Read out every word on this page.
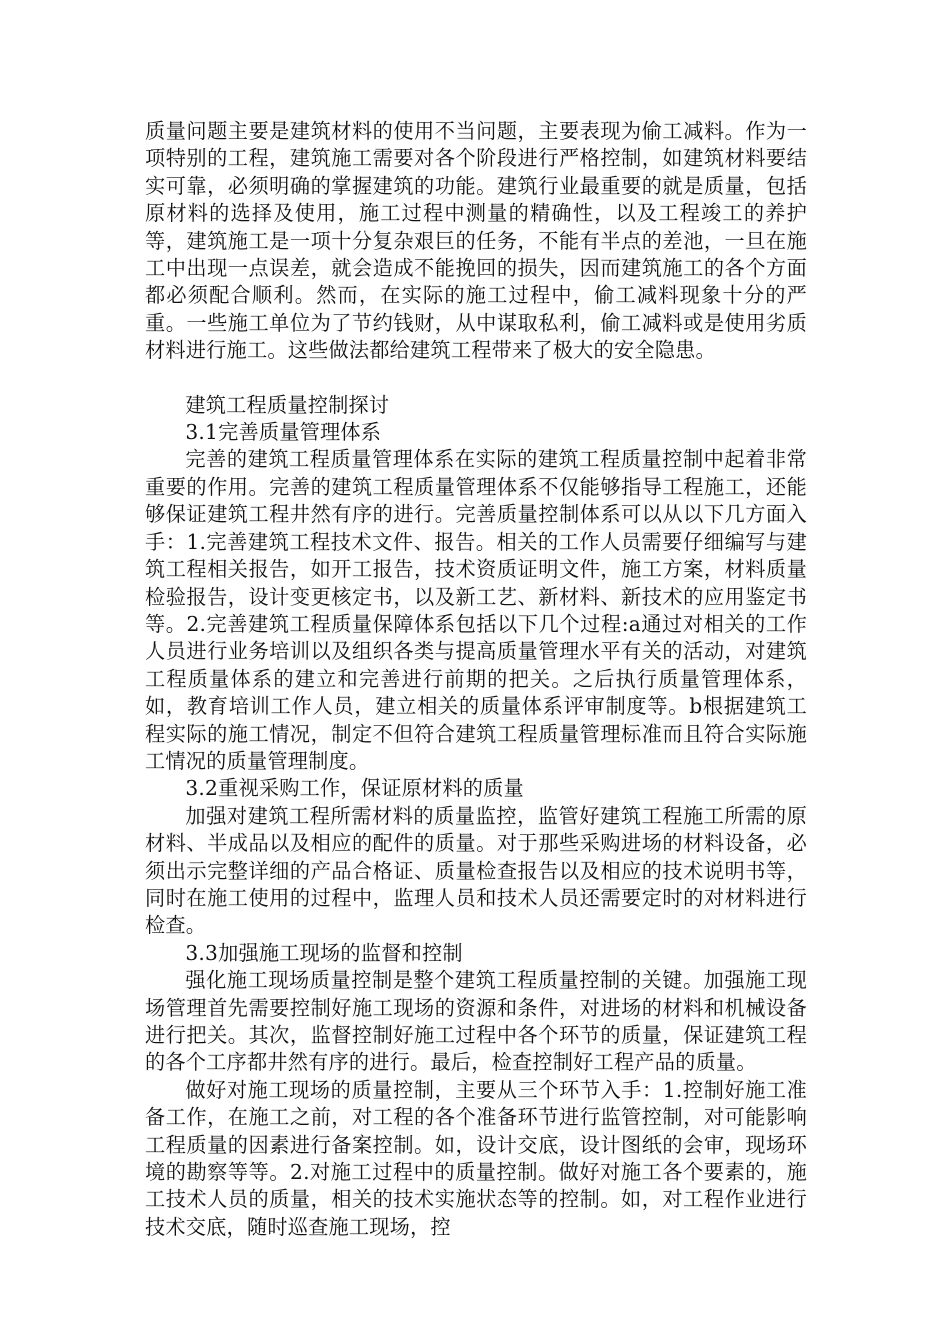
质量问题主要是建筑材料的使用不当问题，主要表现为偷工减料。作为一项特别的工程，建筑施工需要对各个阶段进行严格控制，如建筑材料要结实可靠，必须明确的掌握建筑的功能。建筑行业最重要的就是质量，包括原材料的选择及使用，施工过程中测量的精确性，以及工程竣工的养护等，建筑施工是一项十分复杂艰巨的任务，不能有半点的差池，一旦在施工中出现一点误差，就会造成不能挽回的损失，因而建筑施工的各个方面都必须配合顺利。然而，在实际的施工过程中，偷工减料现象十分的严重。一些施工单位为了节约钱财，从中谋取私利，偷工减料或是使用劣质材料进行施工。这些做法都给建筑工程带来了极大的安全隐患。

建筑工程质量控制探讨

3.1完善质量管理体系

完善的建筑工程质量管理体系在实际的建筑工程质量控制中起着非常重要的作用。完善的建筑工程质量管理体系不仅能够指导工程施工，还能够保证建筑工程井然有序的进行。完善质量控制体系可以从以下几方面入手：1.完善建筑工程技术文件、报告。相关的工作人员需要仔细编写与建筑工程相关报告，如开工报告，技术资质证明文件，施工方案，材料质量检验报告，设计变更核定书，以及新工艺、新材料、新技术的应用鉴定书等。2.完善建筑工程质量保障体系包括以下几个过程:a通过对相关的工作人员进行业务培训以及组织各类与提高质量管理水平有关的活动，对建筑工程质量体系的建立和完善进行前期的把关。之后执行质量管理体系，如，教育培训工作人员，建立相关的质量体系评审制度等。b根据建筑工程实际的施工情况，制定不但符合建筑工程质量管理标准而且符合实际施工情况的质量管理制度。

3.2重视采购工作，保证原材料的质量

加强对建筑工程所需材料的质量监控，监管好建筑工程施工所需的原材料、半成品以及相应的配件的质量。对于那些采购进场的材料设备，必须出示完整详细的产品合格证、质量检查报告以及相应的技术说明书等，同时在施工使用的过程中，监理人员和技术人员还需要定时的对材料进行检查。

3.3加强施工现场的监督和控制

强化施工现场质量控制是整个建筑工程质量控制的关键。加强施工现场管理首先需要控制好施工现场的资源和条件，对进场的材料和机械设备进行把关。其次，监督控制好施工过程中各个环节的质量，保证建筑工程的各个工序都井然有序的进行。最后，检查控制好工程产品的质量。

做好对施工现场的质量控制，主要从三个环节入手：1.控制好施工准备工作，在施工之前，对工程的各个准备环节进行监管控制，对可能影响工程质量的因素进行备案控制。如，设计交底，设计图纸的会审，现场环境的勘察等等。2.对施工过程中的质量控制。做好对施工各个要素的，施工技术人员的质量，相关的技术实施状态等的控制。如，对工程作业进行技术交底，随时巡查施工现场，控
